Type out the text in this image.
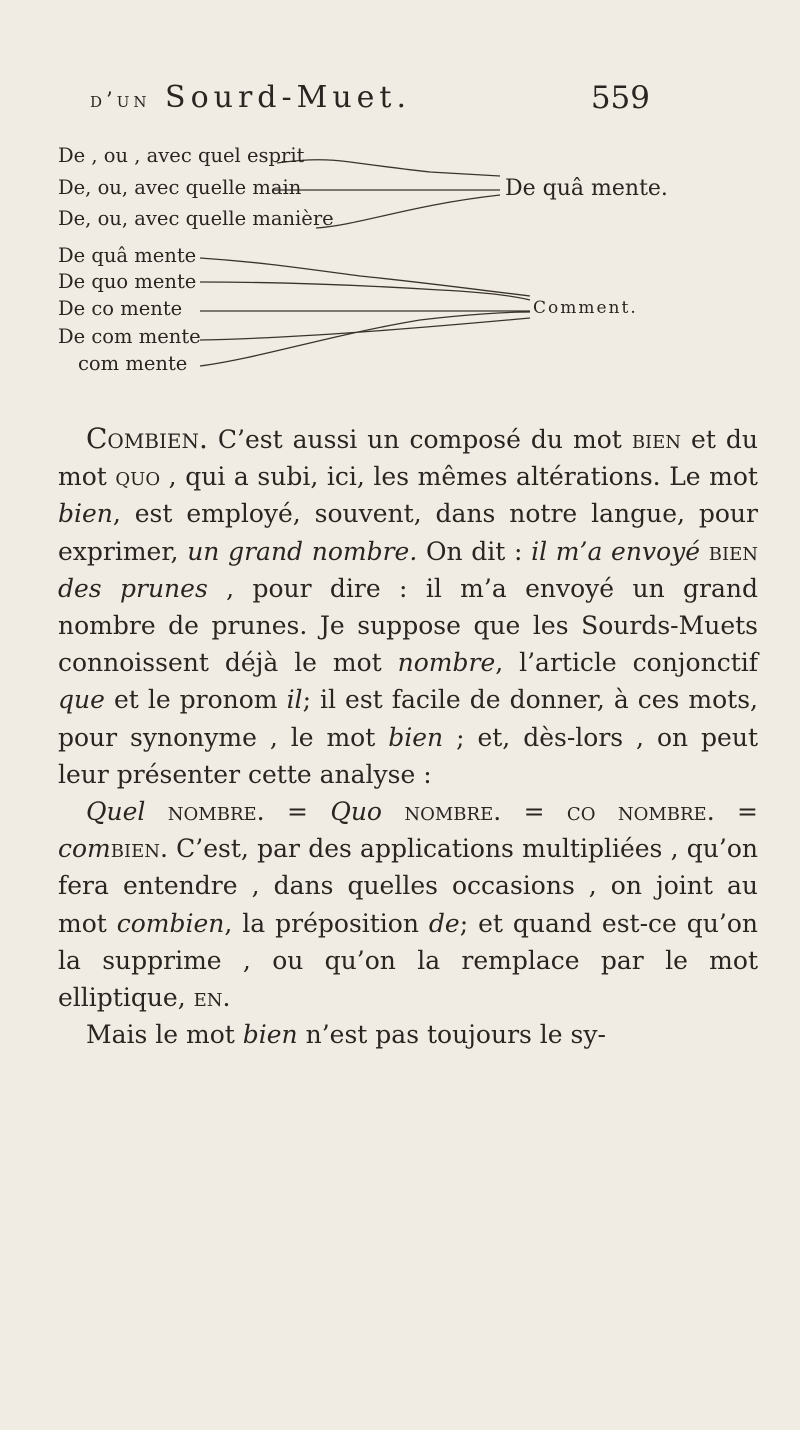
d’un Sourd-Muet.	559
De , ou , avec quel esprit
De, ou, avec quelle main
De, ou, avec quelle manière
De quâ mente.
De quâ mente
De quo mente
De co mente
De com mente
com mente
Comment.

Combien. C’est aussi un composé du mot bien et du mot quo , qui a subi, ici, les mêmes altérations. Le mot bien, est employé, souvent, dans notre langue, pour exprimer, un grand nombre. On dit : il m’a envoyé bien des prunes , pour dire : il m’a envoyé un grand nombre de prunes. Je suppose que les Sourds-Muets connoissent déjà le mot nombre, l’article conjonctif que et le pronom il; il est facile de donner, à ces mots, pour synonyme , le mot bien ; et, dès-lors , on peut leur présenter cette analyse :

Quel nombre. = Quo nombre. = co nombre. = combien. C’est, par des applications multipliées , qu’on fera entendre , dans quelles occasions , on joint au mot combien, la préposition de; et quand est-ce qu’on la supprime , ou qu’on la remplace par le mot elliptique, en.

Mais le mot bien n’est pas toujours le sy-
